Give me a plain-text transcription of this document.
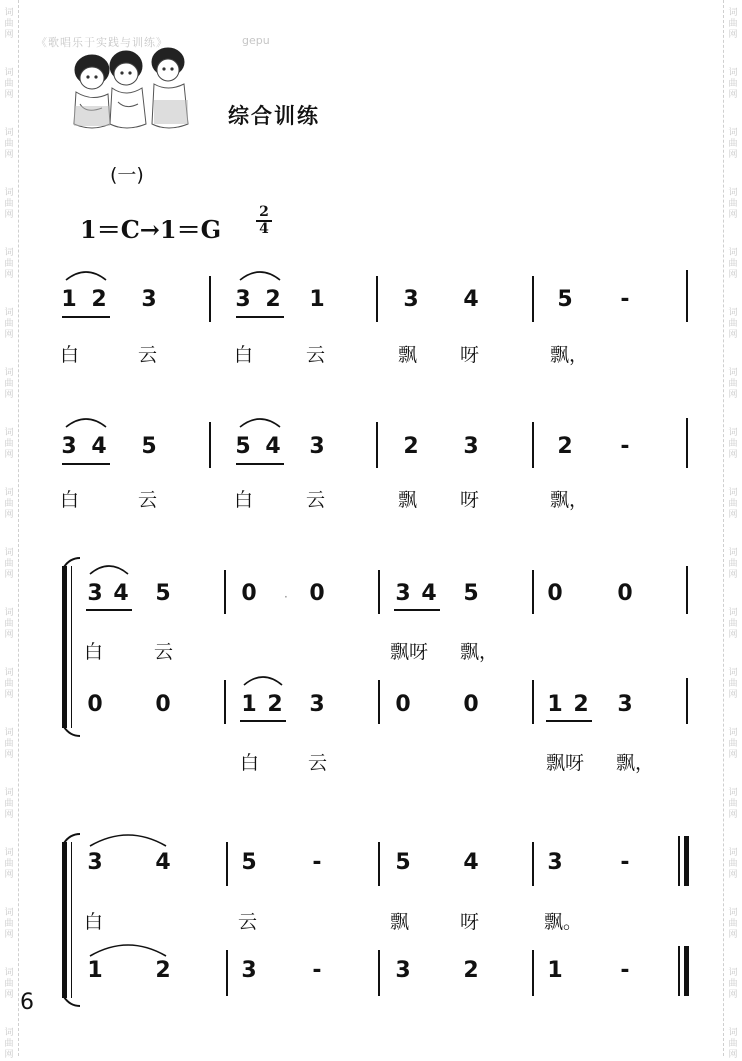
词
曲
网
词
曲
网
词
曲
网
词
曲
网
词
曲
网
词
曲
网
词
曲
网
词
曲
网
词
曲
网
词
曲
网
词
曲
网
词
曲
网
词
曲
网
词
曲
网
词
曲
网
词
曲
网
词
曲
网
词
曲
网
词
曲
网
词
曲
网
词
曲
网
词
曲
网
词
曲
网
词
曲
网
词
曲
网
词
曲
网
词
曲
网
词
曲
网
词
曲
网
词
曲
网
词
曲
网
词
曲
网
词
曲
网
词
曲
网
词
曲
网
词
曲
网
《歌唱乐于实践与训练》	gepu
综合训练
(一)
1＝C→1＝G
2
4
1 2 3	3 2 1	3 4	5 -
白	云	白	云	飘 呀	飘，
3 4 5	5 4 3	2 3	2 -
白	云	白	云	飘 呀	飘，
3 4 5	0 · 0	3 4 5	0 0
白	云	飘呀 飘，
0 0	1 2 3	0 0	1 2 3
白	云	飘呀 飘，
3 4	5	-	5 4	3	-
白	云	飘	呀	飘。
1 2	3	-	3 2	1	-
6
